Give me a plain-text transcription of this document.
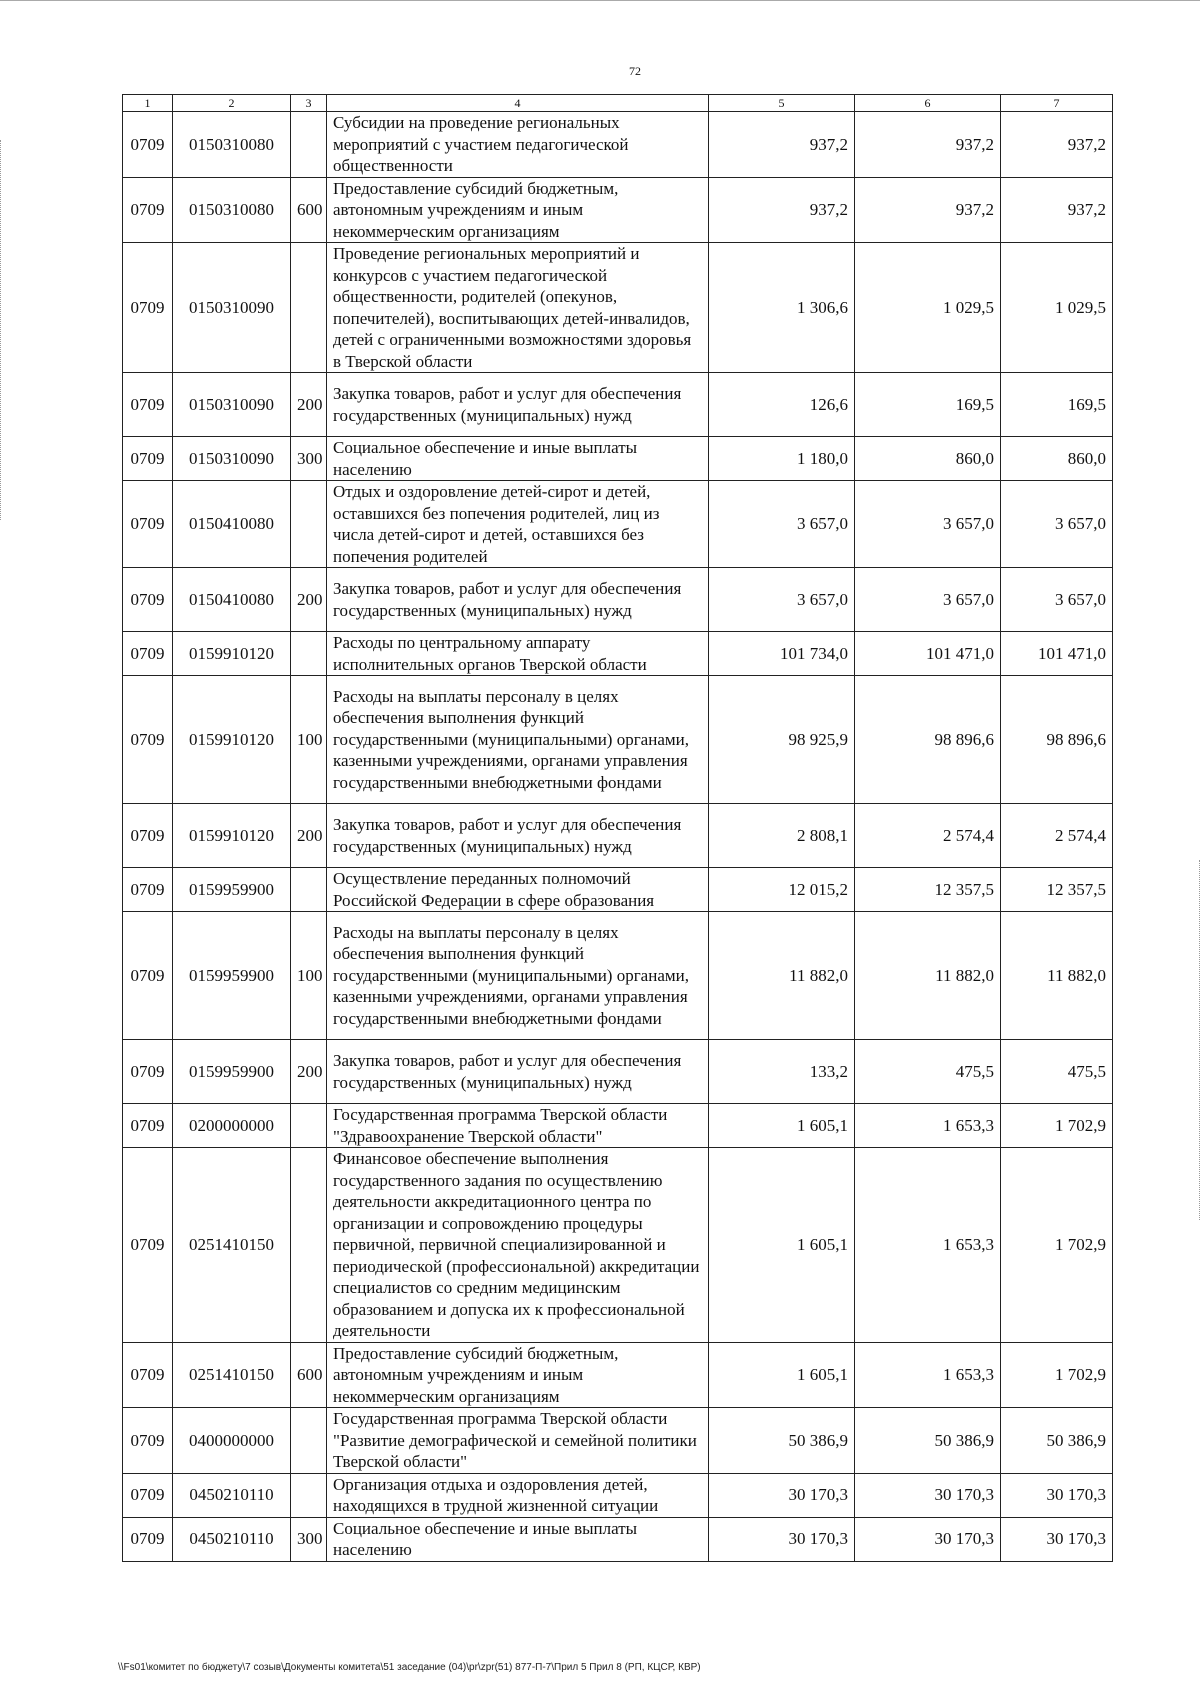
72
1	2	3	4	5	6	7
0709	0150310080		Субсидии на проведение региональных мероприятий с участием педагогической общественности	937,2	937,2	937,2
0709	0150310080	600	Предоставление субсидий бюджетным, автономным учреждениям и иным некоммерческим организациям	937,2	937,2	937,2
0709	0150310090		Проведение региональных мероприятий и конкурсов с участием педагогической общественности, родителей (опекунов, попечителей), воспитывающих детей-инвалидов, детей с ограниченными возможностями здоровья в Тверской области	1 306,6	1 029,5	1 029,5
0709	0150310090	200	Закупка товаров, работ и услуг для обеспечения государственных (муниципальных) нужд	126,6	169,5	169,5
0709	0150310090	300	Социальное обеспечение и иные выплаты населению	1 180,0	860,0	860,0
0709	0150410080		Отдых и оздоровление детей-сирот и детей, оставшихся без попечения родителей, лиц из числа детей-сирот и детей, оставшихся без попечения родителей	3 657,0	3 657,0	3 657,0
0709	0150410080	200	Закупка товаров, работ и услуг для обеспечения государственных (муниципальных) нужд	3 657,0	3 657,0	3 657,0
0709	0159910120		Расходы по центральному аппарату исполнительных органов Тверской области	101 734,0	101 471,0	101 471,0
0709	0159910120	100	Расходы на выплаты персоналу в целях обеспечения выполнения функций государственными (муниципальными) органами, казенными учреждениями, органами управления государственными внебюджетными фондами	98 925,9	98 896,6	98 896,6
0709	0159910120	200	Закупка товаров, работ и услуг для обеспечения государственных (муниципальных) нужд	2 808,1	2 574,4	2 574,4
0709	0159959900		Осуществление переданных полномочий Российской Федерации в сфере образования	12 015,2	12 357,5	12 357,5
0709	0159959900	100	Расходы на выплаты персоналу в целях обеспечения выполнения функций государственными (муниципальными) органами, казенными учреждениями, органами управления государственными внебюджетными фондами	11 882,0	11 882,0	11 882,0
0709	0159959900	200	Закупка товаров, работ и услуг для обеспечения государственных (муниципальных) нужд	133,2	475,5	475,5
0709	0200000000		Государственная программа Тверской области "Здравоохранение Тверской области"	1 605,1	1 653,3	1 702,9
0709	0251410150		Финансовое обеспечение выполнения государственного задания по осуществлению деятельности аккредитационного центра по организации и сопровождению процедуры первичной, первичной специализированной и периодической (профессиональной) аккредитации специалистов со средним медицинским образованием и допуска их к профессиональной деятельности	1 605,1	1 653,3	1 702,9
0709	0251410150	600	Предоставление субсидий бюджетным, автономным учреждениям и иным некоммерческим организациям	1 605,1	1 653,3	1 702,9
0709	0400000000		Государственная программа Тверской области "Развитие демографической и семейной политики Тверской области"	50 386,9	50 386,9	50 386,9
0709	0450210110		Организация отдыха и оздоровления детей, находящихся в трудной жизненной ситуации	30 170,3	30 170,3	30 170,3
0709	0450210110	300	Социальное обеспечение и иные выплаты населению	30 170,3	30 170,3	30 170,3
\\Fs01\комитет по бюджету\7 созыв\Документы комитета\51 заседание (04)\pr\zpr(51) 877-П-7\Прил 5 Прил 8 (РП, КЦСР, КВР)
